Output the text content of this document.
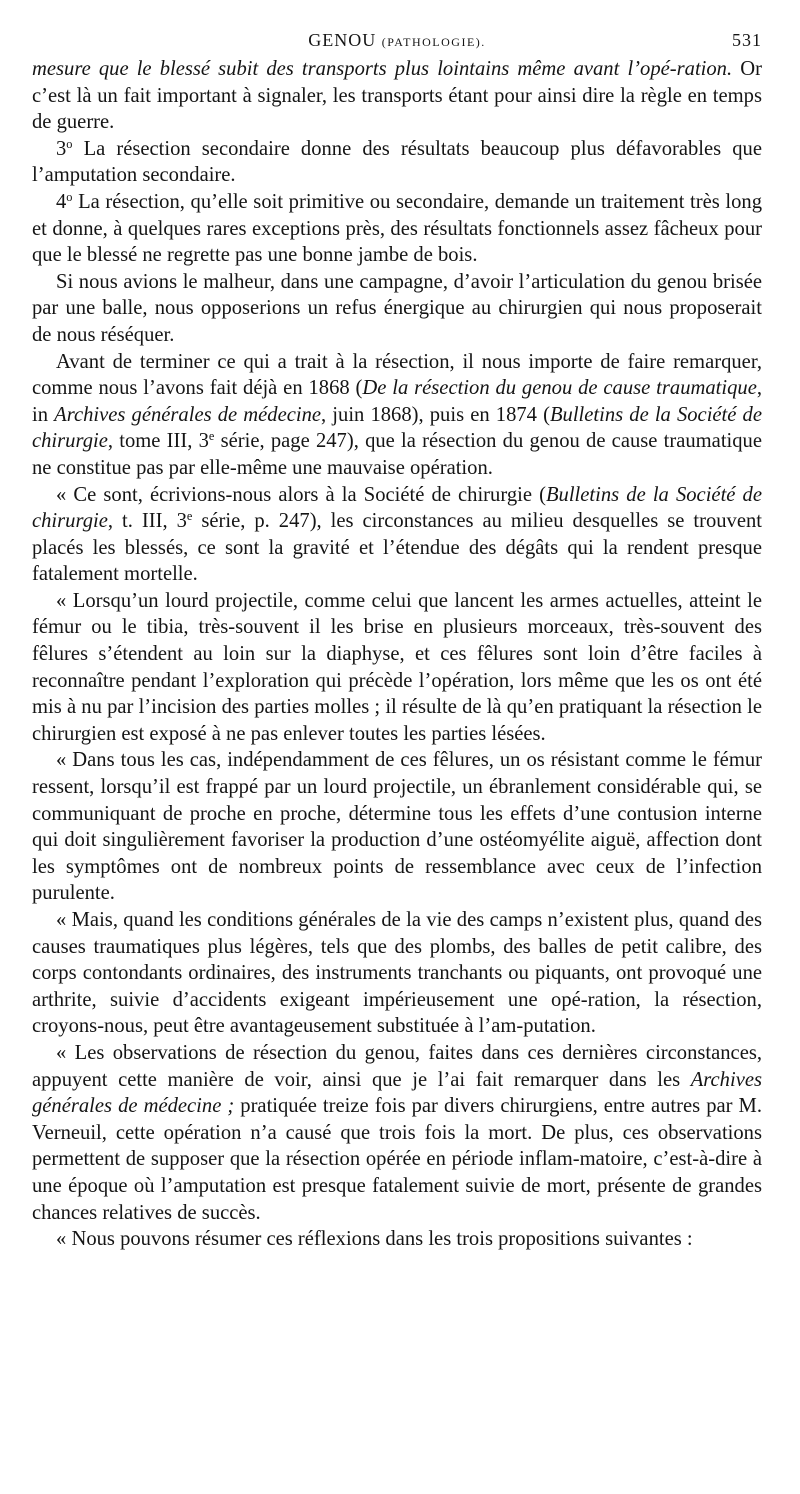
GENOU (PATHOLOGIE).	531

mesure que le blessé subit des transports plus lointains même avant l’opé-ration. Or c’est là un fait important à signaler, les transports étant pour ainsi dire la règle en temps de guerre.

3$^o$ La résection secondaire donne des résultats beaucoup plus défavorables que l’amputation secondaire.

4$^o$ La résection, qu’elle soit primitive ou secondaire, demande un traitement très long et donne, à quelques rares exceptions près, des résultats fonctionnels assez fâcheux pour que le blessé ne regrette pas une bonne jambe de bois.

Si nous avions le malheur, dans une campagne, d’avoir l’articulation du genou brisée par une balle, nous opposerions un refus énergique au chirurgien qui nous proposerait de nous réséquer.

Avant de terminer ce qui a trait à la résection, il nous importe de faire remarquer, comme nous l’avons fait déjà en 1868 (De la résection du genou de cause traumatique, in Archives générales de médecine, juin 1868), puis en 1874 (Bulletins de la Société de chirurgie, tome III, 3e série, page 247), que la résection du genou de cause traumatique ne constitue pas par elle-même une mauvaise opération.

« Ce sont, écrivions-nous alors à la Société de chirurgie (Bulletins de la Société de chirurgie, t. III, 3e série, p. 247), les circonstances au milieu desquelles se trouvent placés les blessés, ce sont la gravité et l’étendue des dégâts qui la rendent presque fatalement mortelle.

« Lorsqu’un lourd projectile, comme celui que lancent les armes actuelles, atteint le fémur ou le tibia, très-souvent il les brise en plusieurs morceaux, très-souvent des fêlures s’étendent au loin sur la diaphyse, et ces fêlures sont loin d’être faciles à reconnaître pendant l’exploration qui précède l’opération, lors même que les os ont été mis à nu par l’incision des parties molles ; il résulte de là qu’en pratiquant la résection le chirurgien est exposé à ne pas enlever toutes les parties lésées.

« Dans tous les cas, indépendamment de ces fêlures, un os résistant comme le fémur ressent, lorsqu’il est frappé par un lourd projectile, un ébranlement considérable qui, se communiquant de proche en proche, détermine tous les effets d’une contusion interne qui doit singulièrement favoriser la production d’une ostéomyélite aiguë, affection dont les symptômes ont de nombreux points de ressemblance avec ceux de l’infection purulente.

« Mais, quand les conditions générales de la vie des camps n’existent plus, quand des causes traumatiques plus légères, tels que des plombs, des balles de petit calibre, des corps contondants ordinaires, des instruments tranchants ou piquants, ont provoqué une arthrite, suivie d’accidents exigeant impérieusement une opé-ration, la résection, croyons-nous, peut être avantageusement substituée à l’am-putation.

« Les observations de résection du genou, faites dans ces dernières circonstances, appuyent cette manière de voir, ainsi que je l’ai fait remarquer dans les Archives générales de médecine ; pratiquée treize fois par divers chirurgiens, entre autres par M. Verneuil, cette opération n’a causé que trois fois la mort. De plus, ces observations permettent de supposer que la résection opérée en période inflam-matoire, c’est-à-dire à une époque où l’amputation est presque fatalement suivie de mort, présente de grandes chances relatives de succès.

« Nous pouvons résumer ces réflexions dans les trois propositions suivantes :
